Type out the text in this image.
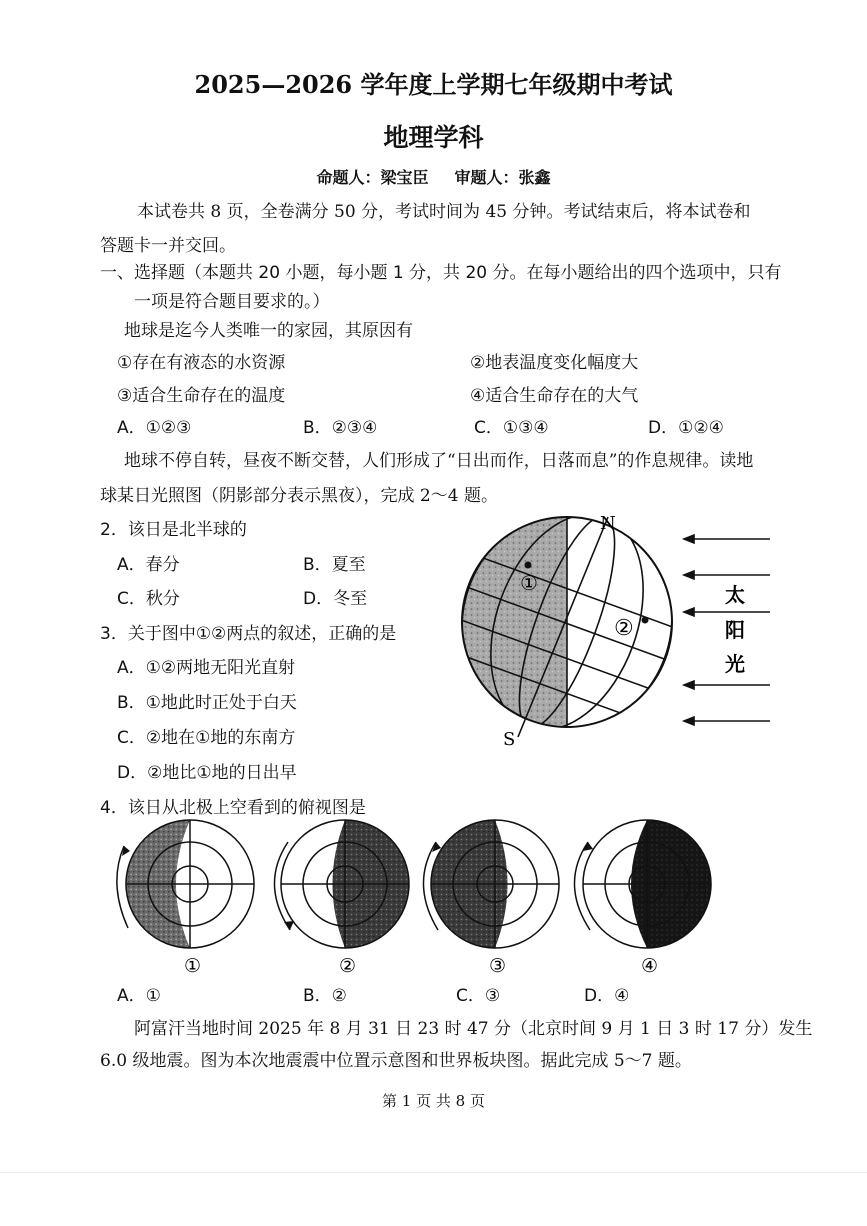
2025—2026 学年度上学期七年级期中考试
地理学科
命题人：梁宝臣 审题人：张鑫
本试卷共 8 页，全卷满分 50 分，考试时间为 45 分钟。考试结束后，将本试卷和
答题卡一并交回。
一、选择题（本题共 20 小题，每小题 1 分，共 20 分。在每小题给出的四个选项中，只有
一项是符合题目要求的。）
地球是迄今人类唯一的家园，其原因有
①存在有液态的水资源	②地表温度变化幅度大
③适合生命存在的温度	④适合生命存在的大气
A．①②③	B．②③④	C．①③④	D．①②④
地球不停自转，昼夜不断交替，人们形成了“日出而作，日落而息”的作息规律。读地
球某日光照图（阴影部分表示黑夜），完成 2～4 题。
2．该日是北半球的
A．春分	B．夏至
C．秋分	D．冬至
3．关于图中①②两点的叙述，正确的是
A．①②两地无阳光直射
B．①地此时正处于白天
C．②地在①地的东南方
D．②地比①地的日出早
N
S
①
②
太
阳
光
4．该日从北极上空看到的俯视图是
①	②	③	④
A．①	B．②	C．③	D．④
阿富汗当地时间 2025 年 8 月 31 日 23 时 47 分（北京时间 9 月 1 日 3 时 17 分）发生
6.0 级地震。图为本次地震震中位置示意图和世界板块图。据此完成 5～7 题。
第 1 页 共 8 页
